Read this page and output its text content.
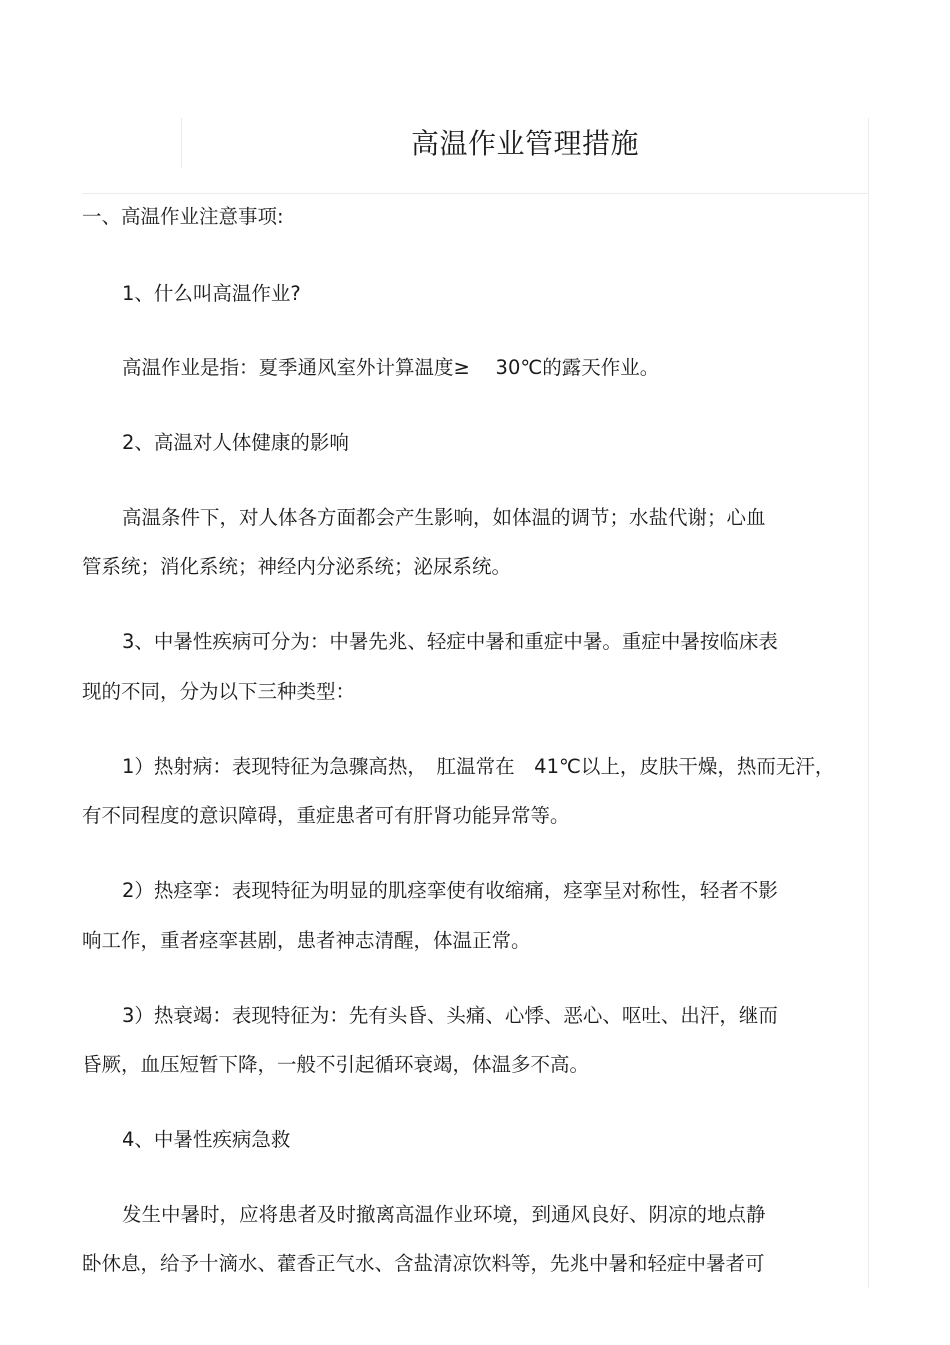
高温作业管理措施
一、高温作业注意事项:
1、什么叫高温作业?
高温作业是指：夏季通风室外计算温度≥　 30℃的露天作业。
2、高温对人体健康的影响
高温条件下，对人体各方面都会产生影响，如体温的调节；水盐代谢；心血
管系统；消化系统；神经内分泌系统；泌尿系统。
3、中暑性疾病可分为：中暑先兆、轻症中暑和重症中暑。重症中暑按临床表
现的不同，分为以下三种类型：
1）热射病：表现特征为急骤高热，　肛温常在　41℃以上，皮肤干燥，热而无汗，
有不同程度的意识障碍，重症患者可有肝肾功能异常等。
2）热痉挛：表现特征为明显的肌痉挛使有收缩痛，痉挛呈对称性，轻者不影
响工作，重者痉挛甚剧，患者神志清醒，体温正常。
3）热衰竭：表现特征为：先有头昏、头痛、心悸、恶心、呕吐、出汗，继而
昏厥，血压短暂下降，一般不引起循环衰竭，体温多不高。
4、中暑性疾病急救
发生中暑时，应将患者及时撤离高温作业环境，到通风良好、阴凉的地点静
卧休息，给予十滴水、藿香正气水、含盐清凉饮料等，先兆中暑和轻症中暑者可
